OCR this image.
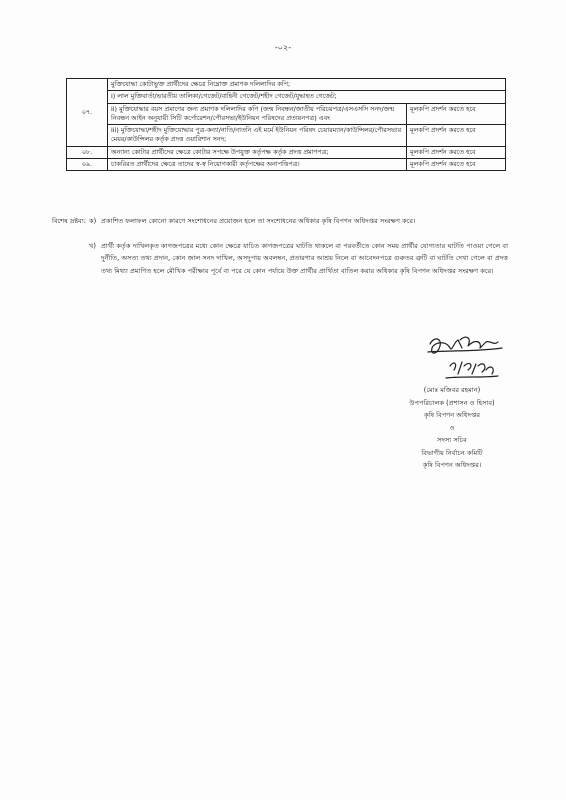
-০২-
০৭.	মুক্তিযোদ্ধা কোটাভুক্ত প্রার্থীদের ক্ষেত্রে নিম্নোক্ত প্রমাণক দলিলাদির কপি;	
	i) লাল মুক্তিবার্তা/ভারতীয় তালিকা/গেজেট/বাহিনী গেজেট/শহীদ গেজেট/যুদ্ধাহত গেজেট;	
	ii) মুক্তিযোদ্ধার বয়স প্রমাণের জন্য প্রমাণক দলিলাদির কপি (জন্ম নিবন্ধন/জাতীয় পরিচয়পত্র/এসএসসি সনদ/জন্ম নিবন্ধন আইন অনুযায়ী সিটি কর্পোরেশন/পৌরসভা/ইউনিয়ন পরিষদের প্রত্যয়নপত্র) এবং	মূলকপি প্রদর্শন করতে হবে
	iii) মুক্তিযোদ্ধা/শহীদ মুক্তিযোদ্ধার পুত্র-কন্যা/নাতি/নাতনি এই মর্মে ইউনিয়ন পরিষদ চেয়ারম্যান/কাউন্সিলর/পৌরসভার মেয়র/কাউন্সিলর কর্তৃক প্রদত্ত ওয়ারিশান সনদ;	মূলকপি প্রদর্শন করতে হবে
০৮.	অন্যান্য কোটার প্রার্থীদের ক্ষেত্রে কোটার সপক্ষে উপযুক্ত কর্তৃপক্ষ কর্তৃক প্রদত্ত প্রমাণপত্র;	মূলকপি প্রদর্শন করতে হবে
০৯.	চাকরিরত প্রার্থীদের ক্ষেত্রে তাদের স্ব-স্ব নিয়োগকারী কর্তৃপক্ষের অনাপত্তিপত্র।	মূলকপি প্রদর্শন করতে হবে
বিশেষ দ্রষ্টব্য: ক) প্রকাশিত ফলাফল কোনো কারণে সংশোধনের প্রয়োজন হলে তা সংশোধনের অধিকার কৃষি বিপণন অধিদপ্তর সংরক্ষণ করে।
খ) প্রার্থী কর্তৃক দাখিলকৃত কাগজপত্রের মধ্যে কোন ক্ষেত্রে যাচিত কাগজপত্রের ঘাটতি থাকলে বা পরবর্তীতে কোন সময় প্রার্থীর যোগ্যতার ঘাটতি পাওয়া গেলে বা দুর্নীতি, অসত্য তথ্য প্রদান, কোন জাল সনদ দাখিল, অসদুপায় অবলম্বন, প্রতারণার আশ্রয় নিলে বা আবেদনপত্রে গুরুতর ত্রুটি বা ঘাটতি দেখা গেলে বা প্রদত্ত তথ্য মিথ্যা প্রমাণিত হলে মৌখিক পরীক্ষার পূর্বে বা পরে যে কোন পর্যায়ে উক্ত প্রার্থীর প্রার্থিতা বাতিল করার অধিকার কৃষি বিপণন অধিদপ্তর সংরক্ষণ করে।
(মোঃ মজিবর রহমান)
উপপরিচালক (প্রশাসন ও হিসাব)
কৃষি বিপণন অধিদপ্তর
ও
সদস্য সচিব
বিভাগীয় নির্বাচন কমিটি
কৃষি বিপণন অধিদপ্তর।
